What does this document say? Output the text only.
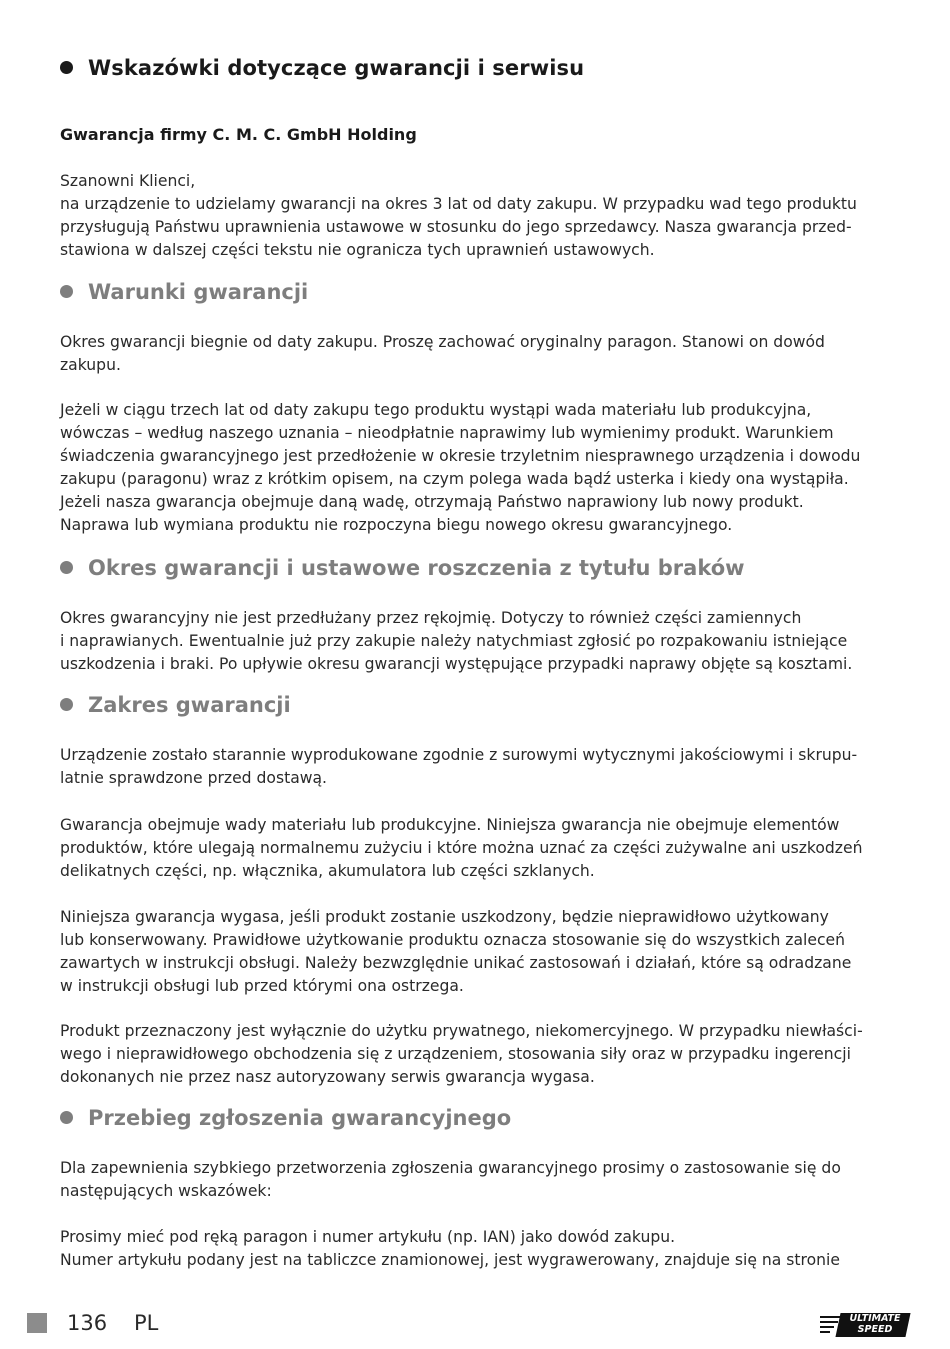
Wskazówki dotyczące gwarancji i serwisu
Gwarancja firmy C. M. C. GmbH Holding
Szanowni Klienci,
na urządzenie to udzielamy gwarancji na okres 3 lat od daty zakupu. W przypadku wad tego produktu
przysługują Państwu uprawnienia ustawowe w stosunku do jego sprzedawcy. Nasza gwarancja przed-
stawiona w dalszej części tekstu nie ogranicza tych uprawnień ustawowych.
Warunki gwarancji
Okres gwarancji biegnie od daty zakupu. Proszę zachować oryginalny paragon. Stanowi on dowód
zakupu.
Jeżeli w ciągu trzech lat od daty zakupu tego produktu wystąpi wada materiału lub produkcyjna,
wówczas – według naszego uznania – nieodpłatnie naprawimy lub wymienimy produkt. Warunkiem
świadczenia gwarancyjnego jest przedłożenie w okresie trzyletnim niesprawnego urządzenia i dowodu
zakupu (paragonu) wraz z krótkim opisem, na czym polega wada bądź usterka i kiedy ona wystąpiła.
Jeżeli nasza gwarancja obejmuje daną wadę, otrzymają Państwo naprawiony lub nowy produkt.
Naprawa lub wymiana produktu nie rozpoczyna biegu nowego okresu gwarancyjnego.
Okres gwarancji i ustawowe roszczenia z tytułu braków
Okres gwarancyjny nie jest przedłużany przez rękojmię. Dotyczy to również części zamiennych
i naprawianych. Ewentualnie już przy zakupie należy natychmiast zgłosić po rozpakowaniu istniejące
uszkodzenia i braki. Po upływie okresu gwarancji występujące przypadki naprawy objęte są kosztami.
Zakres gwarancji
Urządzenie zostało starannie wyprodukowane zgodnie z surowymi wytycznymi jakościowymi i skrupu-
latnie sprawdzone przed dostawą.
Gwarancja obejmuje wady materiału lub produkcyjne. Niniejsza gwarancja nie obejmuje elementów
produktów, które ulegają normalnemu zużyciu i które można uznać za części zużywalne ani uszkodzeń
delikatnych części, np. włącznika, akumulatora lub części szklanych.
Niniejsza gwarancja wygasa, jeśli produkt zostanie uszkodzony, będzie nieprawidłowo użytkowany
lub konserwowany. Prawidłowe użytkowanie produktu oznacza stosowanie się do wszystkich zaleceń
zawartych w instrukcji obsługi. Należy bezwzględnie unikać zastosowań i działań, które są odradzane
w instrukcji obsługi lub przed którymi ona ostrzega.
Produkt przeznaczony jest wyłącznie do użytku prywatnego, niekomercyjnego. W przypadku niewłaści-
wego i nieprawidłowego obchodzenia się z urządzeniem, stosowania siły oraz w przypadku ingerencji
dokonanych nie przez nasz autoryzowany serwis gwarancja wygasa.
Przebieg zgłoszenia gwarancyjnego
Dla zapewnienia szybkiego przetworzenia zgłoszenia gwarancyjnego prosimy o zastosowanie się do
następujących wskazówek:
Prosimy mieć pod ręką paragon i numer artykułu (np. IAN) jako dowód zakupu.
Numer artykułu podany jest na tabliczce znamionowej, jest wygrawerowany, znajduje się na stronie
136 PL	ULTIMATE
SPEED
